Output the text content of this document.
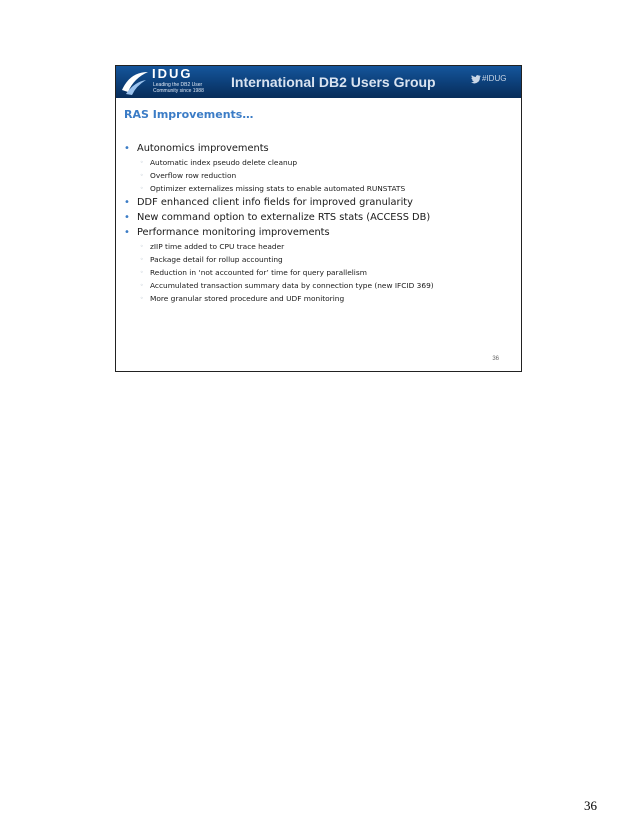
IDUG
Leading the DB2 User Community since 1988
International DB2 Users Group	#IDUG
RAS Improvements…
• Autonomics improvements
◦ Automatic index pseudo delete cleanup
◦ Overflow row reduction
◦ Optimizer externalizes missing stats to enable automated RUNSTATS
• DDF enhanced client info fields for improved granularity
• New command option to externalize RTS stats (ACCESS DB)
• Performance monitoring improvements
◦ zIIP time added to CPU trace header
◦ Package detail for rollup accounting
◦ Reduction in ‘not accounted for’ time for query parallelism
◦ Accumulated transaction summary data by connection type (new IFCID 369)
◦ More granular stored procedure and UDF monitoring
36
36
